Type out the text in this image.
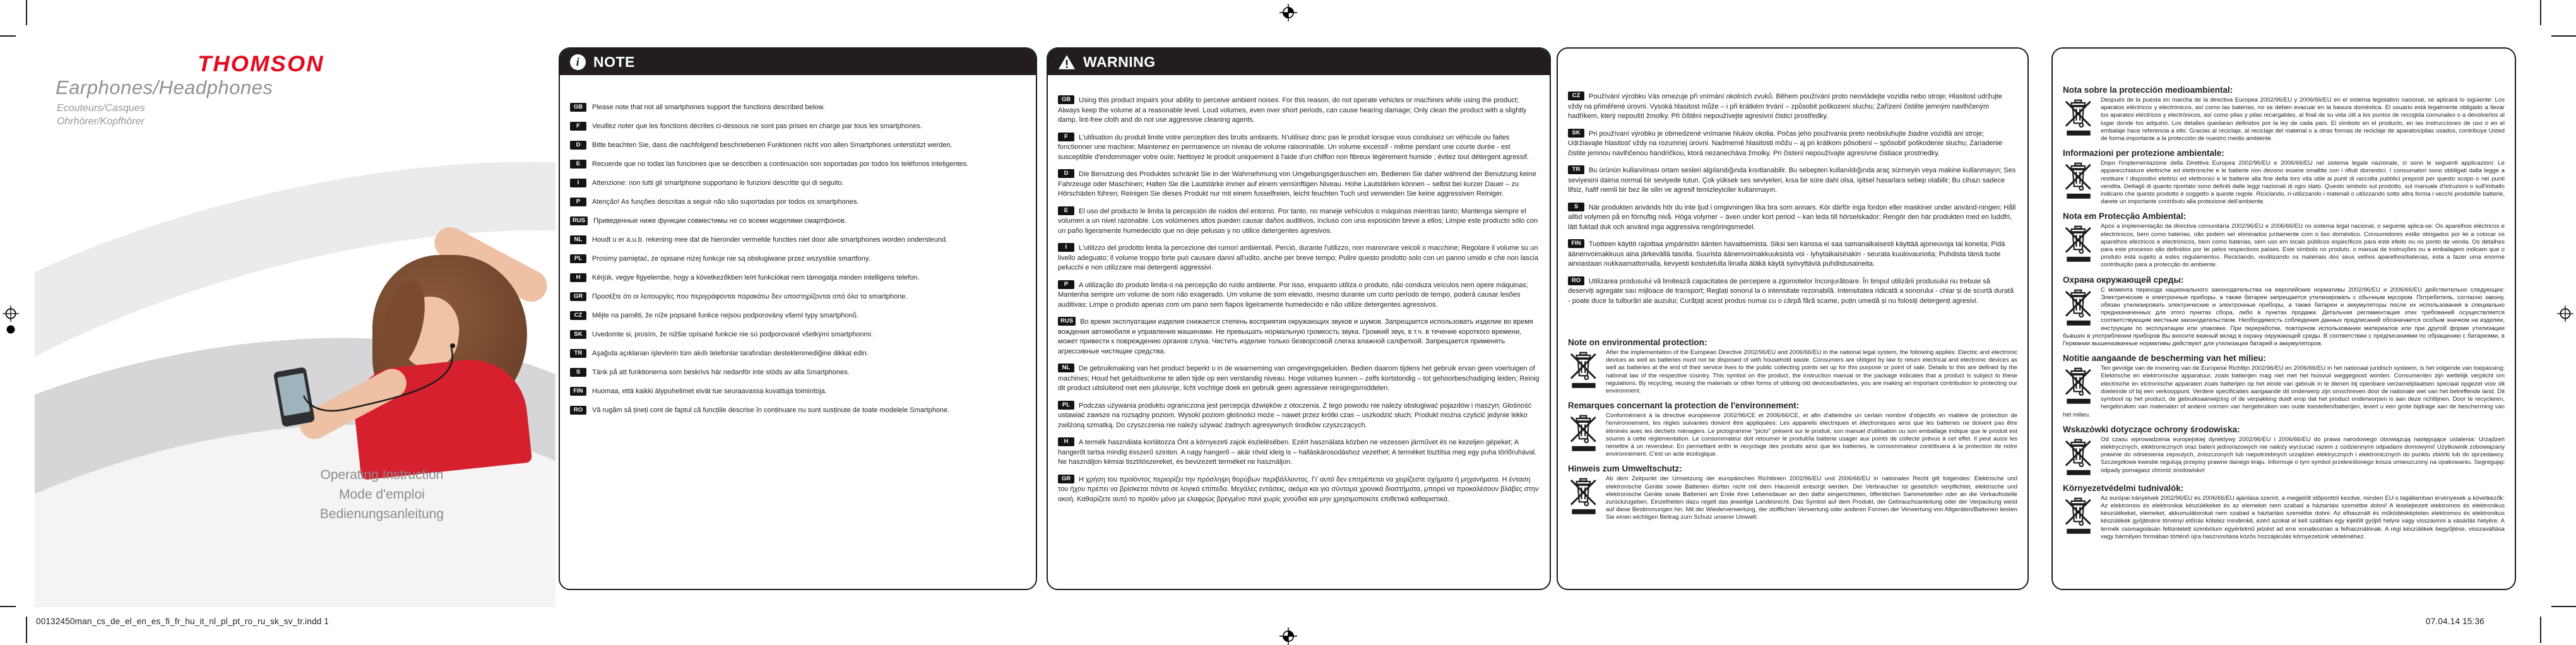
THOMSON
Earphones/Headphones
Ecouteurs/Casques
Ohrhörer/Kopfhörer
Operating Instruction
Mode d'emploi
Bedienungsanleitung
i NOTE
GB	Please note that not all smartphones support the functions described below.
F	Veuillez noter que les fonctions décrites ci-dessous ne sont pas prises en charge par tous les smartphones.
D	Bitte beachten Sie, dass die nachfolgend beschriebenen Funktionen nicht von allen Smartphones unterstützt werden.
E	Recuerde que no todas las funciones que se describen a continuación son soportadas por todos los teléfonos inteligentes.
I	Attenzione: non tutti gli smartphone supportano le funzioni descritte qui di seguito.
P	Atenção! As funções descritas a seguir não são suportadas por todos os smartphones.
RUS	Приведенные ниже функции совместимы не со всеми моделями смартфонов.
NL	Houdt u er a.u.b. rekening mee dat de hieronder vermelde functies niet door alle smartphones worden ondersteund.
PL	Prosimy pamiętać, że opisane niżej funkcje nie są obsługiwane przez wszystkie smartfony.
H	Kérjük, vegye figyelembe, hogy a következőkben leírt funkciókat nem támogatja minden intelligens telefon.
GR	Προσέξτε ότι οι λειτουργίες που περιγράφονται παρακάτω δεν υποστηρίζονται από όλα τα smartphone.
CZ	Mějte na paměti, že níže popsané funkce nejsou podporovány všemi typy smartphonů.
SK	Uvedomte si, prosím, že nižšie opísané funkcie nie sú podporované všetkými smartphonmi.
TR	Aşağıda açıklanan işlevlerin tüm akıllı telefonlar tarafından desteklenmediğine dikkat edin.
S	Tänk på att funktionerna som beskrivs här nedanför inte stöds av alla Smartphones.
FIN	Huomaa, että kaikki älypuhelimet eivät tue seuraavassa kuvattuja toimintoja.
RO	Vă rugăm să țineți cont de faptul că funcțiile descrise în continuare nu sunt susținute de toate modelele Smartphone.
WARNING
GB Using this product impairs your ability to perceive ambient noises. For this reason, do not operate vehicles or machines while using the product; Always keep the volume at a reasonable level. Loud volumes, even over short periods, can cause hearing damage; Only clean the product with a slightly damp, lint-free cloth and do not use aggressive cleaning agents.
F L'utilisation du produit limite votre perception des bruits ambiants. N'utilisez donc pas le produit lorsque vous conduisez un véhicule ou faites fonctionner une machine; Maintenez en permanence un niveau de volume raisonnable. Un volume excessif - même pendant une courte durée - est susceptible d'endommager votre ouïe; Nettoyez le produit uniquement à l'aide d'un chiffon non fibreux légèrement humide ; évitez tout détergent agressif.
D Die Benutzung des Produktes schränkt Sie in der Wahrnehmung von Umgebungsgeräuschen ein. Bedienen Sie daher während der Benutzung keine Fahrzeuge oder Maschinen; Halten Sie die Lautstärke immer auf einem vernünftigen Niveau. Hohe Lautstärken können – selbst bei kurzer Dauer – zu Hörschäden führen; Reinigen Sie dieses Produkt nur mit einem fusselfreien, leicht feuchten Tuch und verwenden Sie keine aggressiven Reiniger.
E El uso del producto le limita la percepción de ruidos del entorno. Por tanto, no maneje vehículos o máquinas mientras tanto; Mantenga siempre el volumen a un nivel razonable. Los volúmenes altos pueden causar daños auditivos, incluso con una exposición breve a ellos; Limpie este producto sólo con un paño ligeramente humedecido que no deje pelusas y no utilice detergentes agresivos.
I L'utilizzo del prodotto limita la percezione dei rumori ambientali. Perciò, durante l'utilizzo, non manovrare veicoli o macchine; Regolare il volume su un livello adeguato; Il volume troppo forte può causare danni all'udito, anche per breve tempo; Pulire questo prodotto solo con un panno umido e che non lascia pelucchi e non utilizzare mai detergenti aggressivi.
P A utilização do produto limita-o na percepção do ruído ambiente. Por isso, enquanto utiliza o produto, não conduza veículos nem opere máquinas; Mantenha sempre um volume de som não exagerado. Um volume de som elevado, mesmo durante um curto período de tempo, poderá causar lesões auditivas; Limpe o produto apenas com um pano sem fiapos ligeiramente humedecido e não utilize detergentes agressivos.
RUS Во время эксплуатации изделия снижается степень восприятия окружающих звуков и шумов. Запрещается использовать изделие во время вождения автомобиля и управления машинами. Не превышать нормальную громкость звука. Громкий звук, в т.ч. в течение короткого времени, может привести к повреждению органов слуха. Чистить изделие только безворсовой слегка влажной салфеткой. Запрещается применять агрессивные чистящие средства.
NL De gebruikmaking van het product beperkt u in de waarneming van omgevingsgeluiden. Bedien daarom tijdens het gebruik ervan geen voertuigen of machines; Houd het geluidsvolume te allen tijde op een verstandig niveau. Hoge volumes kunnen – zelfs kortstondig – tot gehoorbeschadiging leiden; Reinig dit product uitsluitend met een pluisvrije, licht vochtige doek en gebruik geen agressieve reinigingsmiddelen.
PL Podczas używania produktu ograniczona jest percepcja dźwięków z otoczenia. Z tego powodu nie należy obsługiwać pojazdów i maszyn; Głośność ustawiać zawsze na rozsądny poziom. Wysoki poziom głośności może – nawet przez krótki czas – uszkodzić słuch; Produkt można czyścić jedynie lekko zwilżoną szmatką. Do czyszczenia nie należy używać żadnych agresywnych środków czyszczących.
H A termék használata korlátozza Önt a környezeti zajok észlelésében. Ezért használata közben ne vezessen járművet és ne kezeljen gépeket; A hangerőt tartsa mindig ésszerű szinten. A nagy hangerő – akár rövid ideig is – halláskárosodáshoz vezethet; A terméket tisztítsa meg egy puha törlőruhával. Ne használjon kémiai tisztítószereket, és bevizezett terméket ne használjon.
GR Η χρήση του προϊόντος περιορίζει την πρόσληψη θορύβων περιβάλλοντος. Γι' αυτό δεν επιτρέπεται να χειρίζεστε οχήματα ή μηχανήματα. Η ένταση του ήχου πρέπει να βρίσκεται πάντα σε λογικά επίπεδα. Μεγάλες εντάσεις, ακόμα και για σύντομα χρονικά διαστήματα, μπορεί να προκαλέσουν βλάβες στην ακοή. Καθαρίζετε αυτό το προϊόν μόνο με ελαφρώς βρεγμένο πανί χωρίς χνούδια και μην χρησιμοποιείτε επιθετικά καθαριστικά.
CZ Používání výrobku Vás omezuje při vnímání okolních zvuků. Během používání proto neovládejte vozidla nebo stroje; Hlasitost udržujte vždy na přiměřené úrovni. Vysoká hlasitost může – i při krátkém trvání – způsobit poškození sluchu; Zařízení čistěte jemným navlhčeným hadříkem, který nepouští žmolky. Při čištění nepoužívejte agresivní čisticí prostředky.
SK Pri používaní výrobku je obmedzené vnímanie hlukov okolia. Počas jeho používania preto neobsluhujte žiadne vozidlá ani stroje; Udržiavajte hlasitosť vždy na rozumnej úrovni. Nadmerné hlasitosti môžu – aj pri krátkom pôsobení – spôsobiť poškodenie sluchu; Zariadenie čistite jemnou navlhčenou handričkou, ktorá nezanecháva žmolky. Pri čistení nepoužívajte agresívne čistiace prostriedky.
TR Bu ürünün kullanılması ortam sesleri algılandığında kısıtlanabilir. Bu sebepten kullanıldığında araç sürmeyin veya makine kullanmayın; Ses seviyesini daima normal bir seviyede tutun. Çok yüksek ses seviyeleri, kısa bir süre dahi olsa, işitsel hasarlara sebep olabilir; Bu cihazı sadece lifsiz, hafif nemli bir bez ile silin ve agresif temizleyiciler kullanmayın.
S När produkten används hör du inte ljud i omgivningen lika bra som annars. Kör därför inga fordon eller maskiner under använd-ningen; Håll alltid volymen på en förnuftig nivå. Höga volymer – även under kort period – kan leda till hörselskador; Rengör den här produkten med en luddfri, lätt fuktad duk och använd inga aggressiva rengöringsmedel.
FIN Tuotteen käyttö rajoittaa ympäristön äänten havaitsemista. Siksi sen kanssa ei saa samanaikaisesti käyttää ajoneuvoja tai koneita; Pidä äänenvoimakkuus aina järkevällä tasolla. Suurista äänenvoimakkuuksista voi - lyhytaikaisinakin - seurata kuulovaurioita; Puhdista tämä tuote ainoastaan nukkaamattomalla, kevyesti kostutetulla liinalla äläkä käytä syövyttäviä puhdistusaineita.
RO Utilizarea produsului vă limitează capacitatea de percepere a zgomotelor înconjurătoare. În timpul utilizării produsului nu trebuie să deserviți agregate sau mijloace de transport; Reglați sonorul la o intensitate rezonabilă. Intensitatea ridicată a sonorului - chiar și de scurtă durată - poate duce la tulburări ale auzului; Curățați acest produs numai cu o cârpă fără scame, puțin umedă și nu folosiți detergenți agresivi.
Note on environmental protection:
After the implementation of the European Directive 2002/96/EU and 2006/66/EU in the national legal system, the following applies: Electric and electronic devices as well as batteries must not be disposed of with household waste. Consumers are obliged by law to return electrical and electronic devices as well as batteries at the end of their service lives to the public collecting points set up for this purpose or point of sale. Details to this are defined by the national law of the respective country. This symbol on the product, the instruction manual or the package indicates that a product is subject to these regulations. By recycling, reusing the materials or other forms of utilising old devices/batteries, you are making an important contribution to protecting our environment.
Remarques concernant la protection de l'environnement:
Conformément à la directive européenne 2002/96/CE et 2006/66/CE, et afin d'atteindre un certain nombre d'objectifs en matière de protection de l'environnement, les règles suivantes doivent être appliquées: Les appareils électriques et électroniques ainsi que les batteries ne doivent pas être éliminés avec les déchets ménagers. Le pictogramme "picto" présent sur le produit, son manuel d'utilisation ou son emballage indique que le produit est soumis à cette réglementation. Le consommateur doit retourner le produit/la batterie usager aux points de collecte prévus à cet effet. Il peut aussi les remettre à un revendeur. En permettant enfin le recyclage des produits ainsi que les batteries, le consommateur contribuera à la protection de notre environnement. C'est un acte écologique.
Hinweis zum Umweltschutz:
Ab dem Zeitpunkt der Umsetzung der europäischen Richtlinien 2002/96/EU und 2006/66/EU in nationales Recht gilt folgendes: Elektrische und elektronische Geräte sowie Batterien dürfen nicht mit dem Hausmüll entsorgt werden. Der Verbraucher ist gesetzlich verpflichtet, elektrische und elektronische Geräte sowie Batterien am Ende ihrer Lebensdauer an den dafür eingerichteten, öffentlichen Sammelstellen oder an die Verkaufsstelle zurückzugeben. Einzelheiten dazu regelt das jeweilige Landesrecht. Das Symbol auf dem Produkt, der Gebrauchsanleitung oder der Verpackung weist auf diese Bestimmungen hin. Mit der Wiederverwertung, der stofflichen Verwertung oder anderen Formen der Verwertung von Altgeräten/Batterien leisten Sie einen wichtigen Beitrag zum Schutz unserer Umwelt.
Nota sobre la protección medioambiental:
Después de la puesta en marcha de la directiva Europea 2002/96/EU y 2006/66/EU en el sistema legislativo nacional, se aplicará lo siguiente: Los aparatos eléctricos y electrónicos, así como las baterías, no se deben evacuar en la basura doméstica. El usuario está legalmente obligado a llevar los aparatos eléctricos y electrónicos, así como pilas y pilas recargables, al final de su vida útil a los puntos de recogida comunales o a devolverlos al lugar donde los adquirió. Los detalles quedaran definidos por la ley de cada país. El símbolo en el producto, en las instrucciones de uso o en el embalaje hace referencia a ello. Gracias al reciclaje, al reciclaje del material o a otras formas de reciclaje de aparatos/pilas usados, contribuye Usted de forma importante a la protección de nuestro medio ambiente.
Informazioni per protezione ambientale:
Dopo l'implementazione della Direttiva Europea 2002/96/EU e 2006/66/EU nel sistema legale nazionale, ci sono le seguenti applicazioni: Le apparecchiature elettriche ed elettroniche e le batterie non devono essere smaltite con i rifiuti domestici. I consumatori sono obbligati dalla legge a restituire I dispositivi elettrici ed elettronici e le batterie alla fine della loro vita utile ai punti di raccolta pubblici preposti per questo scopo o nei punti vendita. Dettagli di quanto riportato sono definiti dalle leggi nazionali di ogni stato. Questo simbolo sul prodotto, sul manuale d'istruzioni o sull'imballo indicano che questo prodotto è soggetto a queste regole. Riciclando, ri-utilizzando i materiali o utilizzando sotto altra forma i vecchi prodotti/le batterie, darete un importante contributo alla protezione dell'ambiente.
Nota em Protecção Ambiental:
Após a implementação da directiva comunitária 2002/96/EU e 2006/66/EU no sistema legal nacional, o seguinte aplica-se: Os aparelhos eléctricos e electrónicos, bem como baterias, não podem ser eliminados juntamente com o lixo doméstico. Consumidores estão obrigados por lei a colocar os aparelhos eléctricos e electrónicos, bem como baterias, sem uso em locais públicos específicos para este efeito ou no ponto de venda. Os detalhes para este processo são definidos por lei pelos respectivos países. Este símbolo no produto, o manual de instruções ou a embalagem indicam que o produto está sujeito a estes regulamentos. Reciclando, reutilizando os materiais dos seus velhos aparelhos/baterias, esta a fazer uma enorme contribuição para a protecção do ambiente.
Охрана окружающей среды:
С момента перехода национального законодательства на европейские нормативы 2002/96/EU и 2006/66/EU действительно следующее: Электрические и электронные приборы, а также батареи запрещается утилизировать с обычным мусором. Потребитель, согласно закону, обязан утилизировать электрические и электронные приборы, а также батареи и аккумуляторы после их использования в специально предназначенных для этого пунктах сбора, либо в пунктах продажи. Детальная регламентация этих требований осуществляется соответствующим местным законодательством. Необходимость соблюдения данных предписаний обозначается особым значком на изделии, инструкции по эксплуатации или упаковке. При переработке, повторном использовании материалов или при другой форме утилизации бывших в употреблении приборов Вы вносите важный вклад в охрану окружающей среды. В соответствии с предписаниями по обращению с батареями, в Германии вышеназванные нормативы действуют для утилизации батарей и аккумуляторов.
Notitie aangaande de bescherming van het milieu:
Ten gevolge van de invoering van de Europese Richtlijn 2002/96/EU en 2006/66/EU in het nationaal juridisch systeem, is het volgende van toepassing: Elektrische en elektronische apparatuur, zoals batterijen mag niet met het huisvuil weggegooid worden. Consumenten zijn wettelijk verplicht om electrische en elctronische apparaten zoals batterijen op het einde van gebruik in te dienen bij openbare verzamelplaatsen speciaal opgezet voor dit doeleinde of bij een verkooppunt. Verdere specificaties aangaande dit onderwerp zijn omschreven door de nationale wet van het betreffende land. Dit symbool op het product, de gebruiksaanwijzing of de verpakking duidt erop dat het product onderworpen is aan deze richtlijnen. Door te recycleren, hergebruiken van materialen of andere vormen van hergebruiken van oude toestellen/batterijen, levert u een grote bijdrage aan de bescherming van het milieu.
Wskazówki dotyczące ochrony środowiska:
Od czasu wprowadzenia europejskiej dyrektywy 2002/96/EU i 2006/66/EU do prawa narodowego obowiązują następujące ustalenia: Urządzeń elektrycznych, elektronicznych oraz baterii jednorazowych nie należy wyrzucać razem z codziennymi odpadami domowymi! Użytkownik zobowiązany prawnie do odniesienia zepsutych, zniszczonych lub niepotrzebnych urządzeń elektrycznych i elektronicznych do punktu zbiórki lub do sprzedawcy. Szczegółowe kwestie regulują przepisy prawne danego kraju. Informuje o tym symbol przekreślonego kosza umieszczony na opakowaniu. Segregując odpady pomagasz chronić środowisko!
Környezetvédelmi tudnivalók:
Az európai irányelvek 2002/96/EU és 2006/66/EU ajánlása szerint, a megjelölt időponttól kezdve, minden EU-s tagállamban érvényesek a következők: Az elektromos és elektronikai készülékeket és az elemeket nem szabad a háztartási szemétbe dobni! A leselejtezett elektromos és elektronikus készülékeket, elemeket, akkumulátorokat nem szabad a háztartási szemétbe dobni. Az elhasznált és működésképtelen elektromos és elektronikus készülékek gyűjtésére törvényi előírás kötelez mindenkit, ezért azokat el kell szállítani egy kijelölt gyűjtő helyre vagy visszavinni a vásárlás helyére. A termék csomagolásán feltüntetett szimbólum egyértelmű jelzést ad erre vonatkozóan a felhasználónak. A régi készülékek begyűjtése, visszaváltása vagy bármilyen formában történő újra hasznosítása közös hozzájárulás környezetünk védelméhez.
00132450man_cs_de_el_en_es_fi_fr_hu_it_nl_pl_pt_ro_ru_sk_sv_tr.indd 1	07.04.14 15:36
